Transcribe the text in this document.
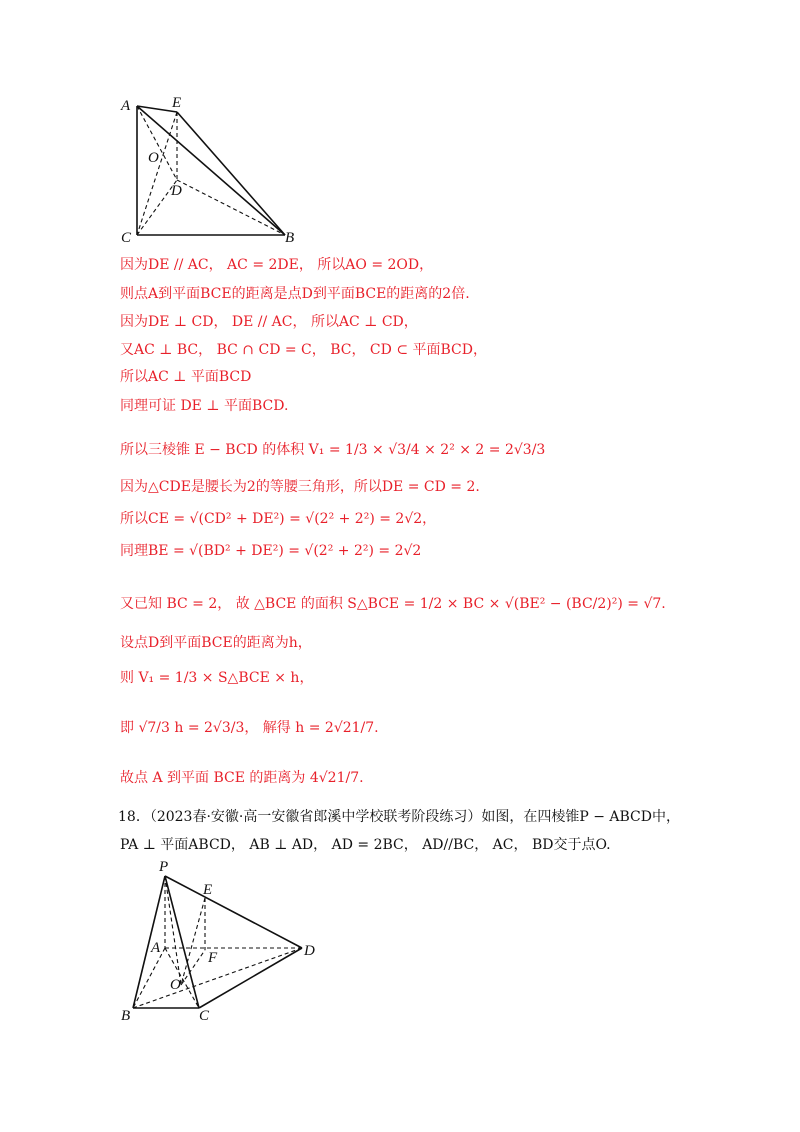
A	E
O
D
C	B
因为DE // AC， AC = 2DE， 所以AO = 2OD，
则点A到平面BCE的距离是点D到平面BCE的距离的2倍.
因为DE ⊥ CD， DE // AC， 所以AC ⊥ CD，
又AC ⊥ BC， BC ∩ CD = C， BC， CD ⊂ 平面BCD，
所以AC ⊥ 平面BCD
同理可证 DE ⊥ 平面BCD.
所以三棱锥 E − BCD 的体积 V₁ = 1/3 × √3/4 × 2² × 2 = 2√3/3
因为△CDE是腰长为2的等腰三角形，所以DE = CD = 2.
所以CE = √(CD² + DE²) = √(2² + 2²) = 2√2，
同理BE = √(BD² + DE²) = √(2² + 2²) = 2√2
又已知 BC = 2， 故 △BCE 的面积 S△BCE = 1/2 × BC × √(BE² − (BC/2)²) = √7.
设点D到平面BCE的距离为h，
则 V₁ = 1/3 × S△BCE × h，
即 √7/3 h = 2√3/3， 解得 h = 2√21/7.
故点 A 到平面 BCE 的距离为 4√21/7.
18．（2023春·安徽·高一安徽省郎溪中学校联考阶段练习）如图，在四棱锥P − ABCD中，
PA ⊥ 平面ABCD， AB ⊥ AD， AD = 2BC， AD//BC， AC， BD交于点O.
P
E
A
F	D
O
B	C
